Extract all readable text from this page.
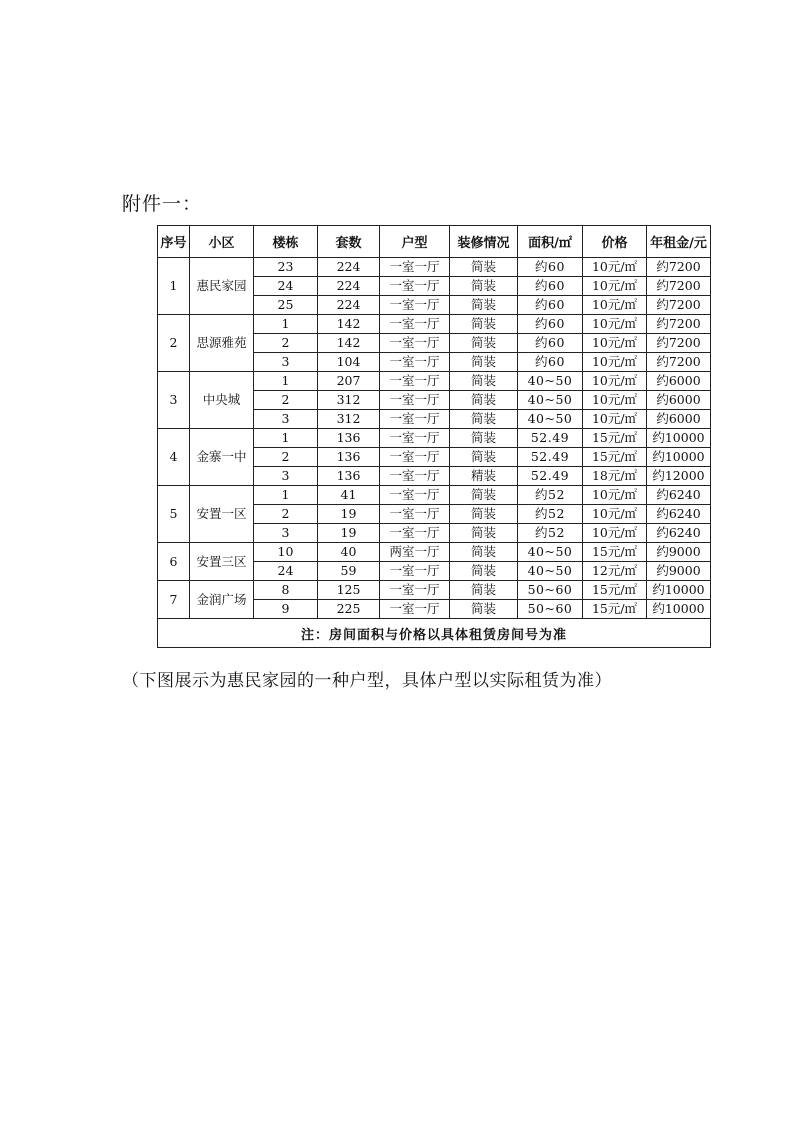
附件一：
序号	小区	楼栋	套数	户型	装修情况	面积/㎡	价格	年租金/元
1	惠民家园	23	224	一室一厅	简装	约60	10元/㎡	约7200
		24	224	一室一厅	简装	约60	10元/㎡	约7200
		25	224	一室一厅	简装	约60	10元/㎡	约7200
2	思源雅苑	1	142	一室一厅	简装	约60	10元/㎡	约7200
		2	142	一室一厅	简装	约60	10元/㎡	约7200
		3	104	一室一厅	简装	约60	10元/㎡	约7200
3	中央城	1	207	一室一厅	简装	40~50	10元/㎡	约6000
		2	312	一室一厅	简装	40~50	10元/㎡	约6000
		3	312	一室一厅	简装	40~50	10元/㎡	约6000
4	金寨一中	1	136	一室一厅	简装	52.49	15元/㎡	约10000
		2	136	一室一厅	简装	52.49	15元/㎡	约10000
		3	136	一室一厅	精装	52.49	18元/㎡	约12000
5	安置一区	1	41	一室一厅	简装	约52	10元/㎡	约6240
		2	19	一室一厅	简装	约52	10元/㎡	约6240
		3	19	一室一厅	简装	约52	10元/㎡	约6240
6	安置三区	10	40	两室一厅	简装	40~50	15元/㎡	约9000
		24	59	一室一厅	简装	40~50	12元/㎡	约9000
7	金润广场	8	125	一室一厅	简装	50~60	15元/㎡	约10000
		9	225	一室一厅	简装	50~60	15元/㎡	约10000
注：房间面积与价格以具体租赁房间号为准								
（下图展示为惠民家园的一种户型，具体户型以实际租赁为准）
